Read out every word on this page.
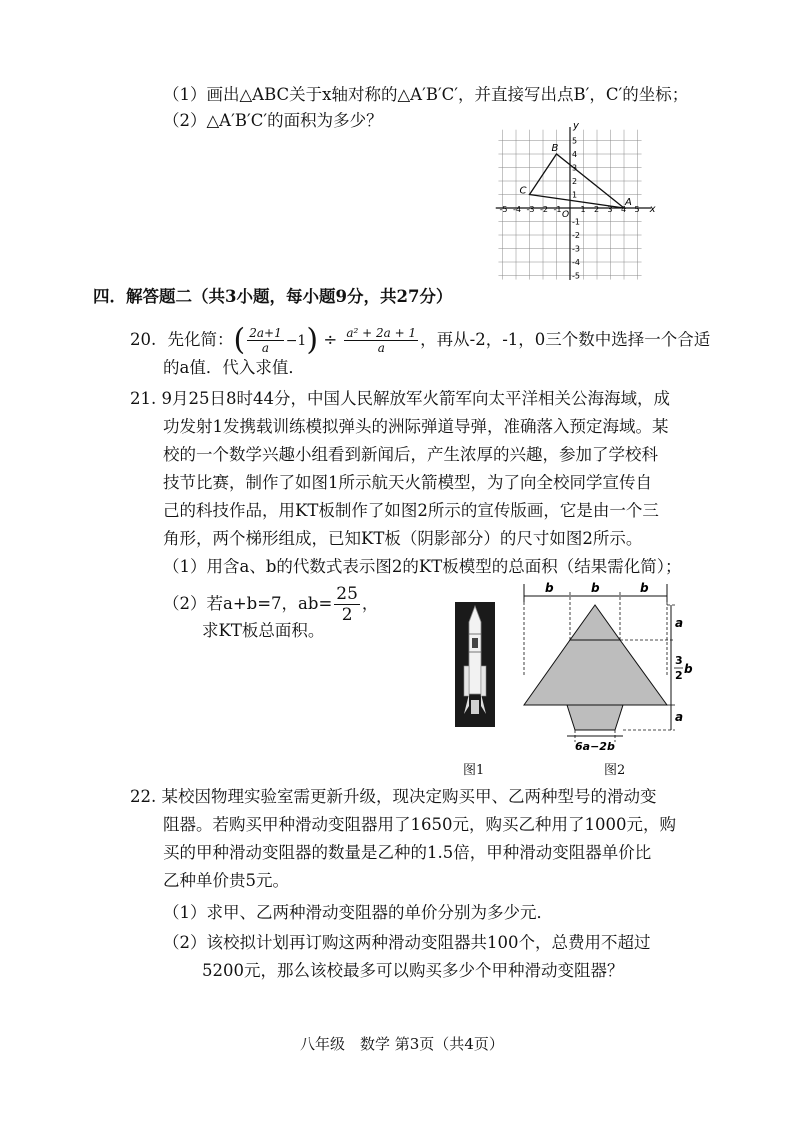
（1）画出△ABC关于x轴对称的△A′B′C′，并直接写出点B′，C′的坐标；
（2）△A′B′C′的面积为多少？
-5 -4 -3 -2 -1 1 2 3 4 5
5
4
3
2
1
-1
-2
-3
-4
-5
A
B
C
x
y
O
四．解答题二（共3小题，每小题9分，共27分）
20. 先化简：( $\frac{2a+1}{a} -1) \div \frac{\text{a² + 2a + 1}}{a}$ ，再从-2，-1，0三个数中选择一个合适
的a值．代入求值．
21. 9月25日8时44分，中国人民解放军火箭军向太平洋相关公海海域，成
功发射1发携载训练模拟弹头的洲际弹道导弹，准确落入预定海域。某
校的一个数学兴趣小组看到新闻后，产生浓厚的兴趣，参加了学校科
技节比赛，制作了如图1所示航天火箭模型，为了向全校同学宣传自
己的科技作品，用KT板制作了如图2所示的宣传版画，它是由一个三
角形，两个梯形组成，已知KT板（阴影部分）的尺寸如图2所示。
（1）用含a、b的代数式表示图2的KT板模型的总面积（结果需化简）；
（2）若a+b=7，$ab= \frac{25}{2}$ ，
求KT板总面积。
图1
b	b	b
a
3
2 b
a
6a−2b
图2
22. 某校因物理实验室需更新升级，现决定购买甲、乙两种型号的滑动变
阻器。若购买甲种滑动变阻器用了1650元，购买乙种用了1000元，购
买的甲种滑动变阻器的数量是乙种的1.5倍，甲种滑动变阻器单价比
乙种单价贵5元。
（1）求甲、乙两种滑动变阻器的单价分别为多少元．
（2）该校拟计划再订购这两种滑动变阻器共100个，总费用不超过
5200元，那么该校最多可以购买多少个甲种滑动变阻器？
八年级　数学 第3页（共4页）
